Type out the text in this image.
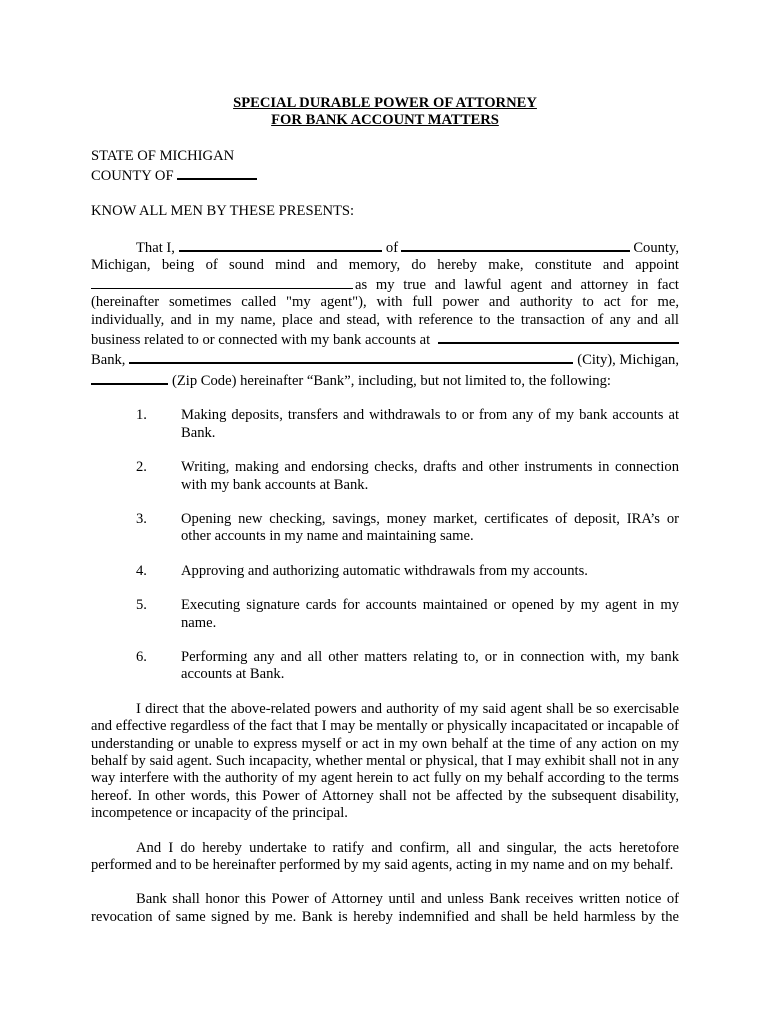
SPECIAL DURABLE POWER OF ATTORNEY
FOR BANK ACCOUNT MATTERS
STATE OF MICHIGAN
COUNTY OF

KNOW ALL MEN BY THESE PRESENTS:

That I,	of	County,

Michigan, being of sound mind and memory, do hereby make, constitute and appoint

as my true and lawful agent and attorney in fact

(hereinafter sometimes called "my agent"), with full power and authority to act for me,

individually, and in my name, place and stead, with reference to the transaction of any and all

business related to or connected with my bank accounts at
Bank,	(City), Michigan,
(Zip Code) hereinafter “Bank”, including, but not limited to, the following:
1.	Making deposits, transfers and withdrawals to or from any of my bank accounts at Bank.
2.	Writing, making and endorsing checks, drafts and other instruments in connection with my bank accounts at Bank.
3.	Opening new checking, savings, money market, certificates of deposit, IRA’s or other accounts in my name and maintaining same.
4.	Approving and authorizing automatic withdrawals from my accounts.
5.	Executing signature cards for accounts maintained or opened by my agent in my name.
6.	Performing any and all other matters relating to, or in connection with, my bank accounts at Bank.

I direct that the above-related powers and authority of my said agent shall be so exercisable and effective regardless of the fact that I may be mentally or physically incapacitated or incapable of understanding or unable to express myself or act in my own behalf at the time of any action on my behalf by said agent. Such incapacity, whether mental or physical, that I may exhibit shall not in any way interfere with the authority of my agent herein to act fully on my behalf according to the terms hereof. In other words, this Power of Attorney shall not be affected by the subsequent disability, incompetence or incapacity of the principal.

And I do hereby undertake to ratify and confirm, all and singular, the acts heretofore performed and to be hereinafter performed by my said agents, acting in my name and on my behalf.

Bank shall honor this Power of Attorney until and unless Bank receives written notice of revocation of same signed by me. Bank is hereby indemnified and shall be held harmless by the
